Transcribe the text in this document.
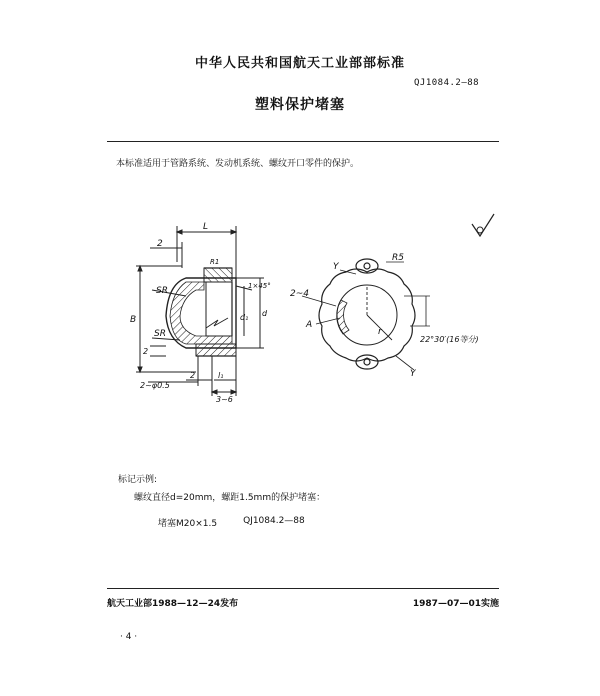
中华人民共和国航天工业部部标准
QJ1084.2—88
塑料保护堵塞
本标准适用于管路系统、发动机系统、螺纹开口零件的保护。
L
2
R1
SR	1×45°
B	d₁ d
SR
2
2	l₁
2~φ0.5
3~6
Y
R5
2~4
A
r
22°30′(16等分)
Y
标记示例:
螺纹直径d=20mm，螺距1.5mm的保护堵塞：
堵塞M20×1.5	QJ1084.2—88
航天工业部1988—12—24发布	1987—07—01实施
· 4 ·
